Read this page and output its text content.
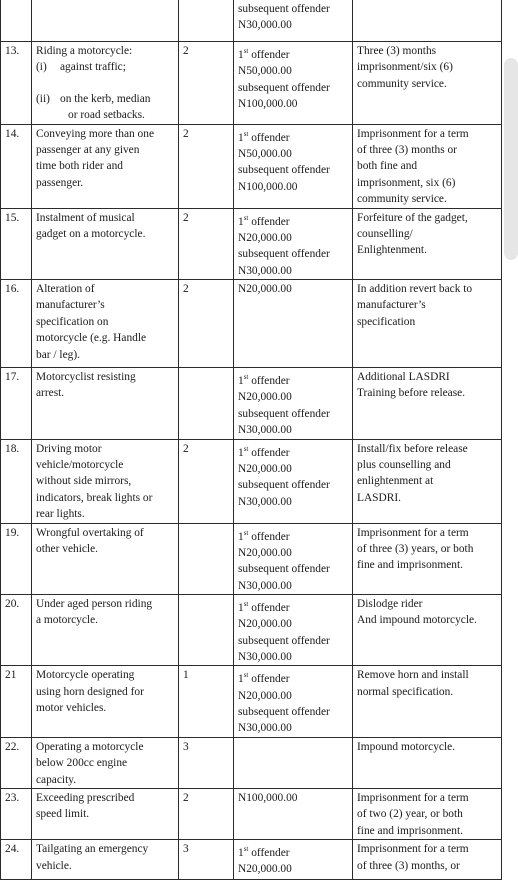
			subsequent offender
N30,000.00	

13.	Riding a motorcycle:
(i) against traffic;
(ii) on the kerb, median
or road setbacks.	2	1st offender
N50,000.00
subsequent offender
N100,000.00	Three (3) months
imprisonment/six (6)
community service.

14.	Conveying more than one
passenger at any given
time both rider and
passenger.	2	1st offender
N50,000.00
subsequent offender
N100,000.00	Imprisonment for a term
of three (3) months or
both fine and
imprisonment, six (6)
community service.

15.	Instalment of musical
gadget on a motorcycle.	2	1st offender
N20,000.00
subsequent offender
N30,000.00	Forfeiture of the gadget,
counselling/
Enlightenment.

16.	Alteration of
manufacturer’s
specification on
motorcycle (e.g. Handle
bar / leg).	2	N20,000.00	In addition revert back to
manufacturer’s
specification

17.	Motorcyclist resisting
arrest.		1st offender
N20,000.00
subsequent offender
N30,000.00	Additional LASDRI
Training before release.

18.	Driving motor
vehicle/motorcycle
without side mirrors,
indicators, break lights or
rear lights.	2	1st offender
N20,000.00
subsequent offender
N30,000.00	Install/fix before release
plus counselling and
enlightenment at
LASDRI.

19.	Wrongful overtaking of
other vehicle.		1st offender
N20,000.00
subsequent offender
N30,000.00	Imprisonment for a term
of three (3) years, or both
fine and imprisonment.

20.	Under aged person riding
a motorcycle.		1st offender
N20,000.00
subsequent offender
N30,000.00	Dislodge rider
And impound motorcycle.

21	Motorcycle operating
using horn designed for
motor vehicles.	1	1st offender
N20,000.00
subsequent offender
N30,000.00	Remove horn and install
normal specification.

22.	Operating a motorcycle
below 200cc engine
capacity.	3		Impound motorcycle.

23.	Exceeding prescribed
speed limit.	2	N100,000.00	Imprisonment for a term
of two (2) year, or both
fine and imprisonment.

24.	Tailgating an emergency
vehicle.	3	1st offender
N20,000.00	Imprisonment for a term
of three (3) months, or
